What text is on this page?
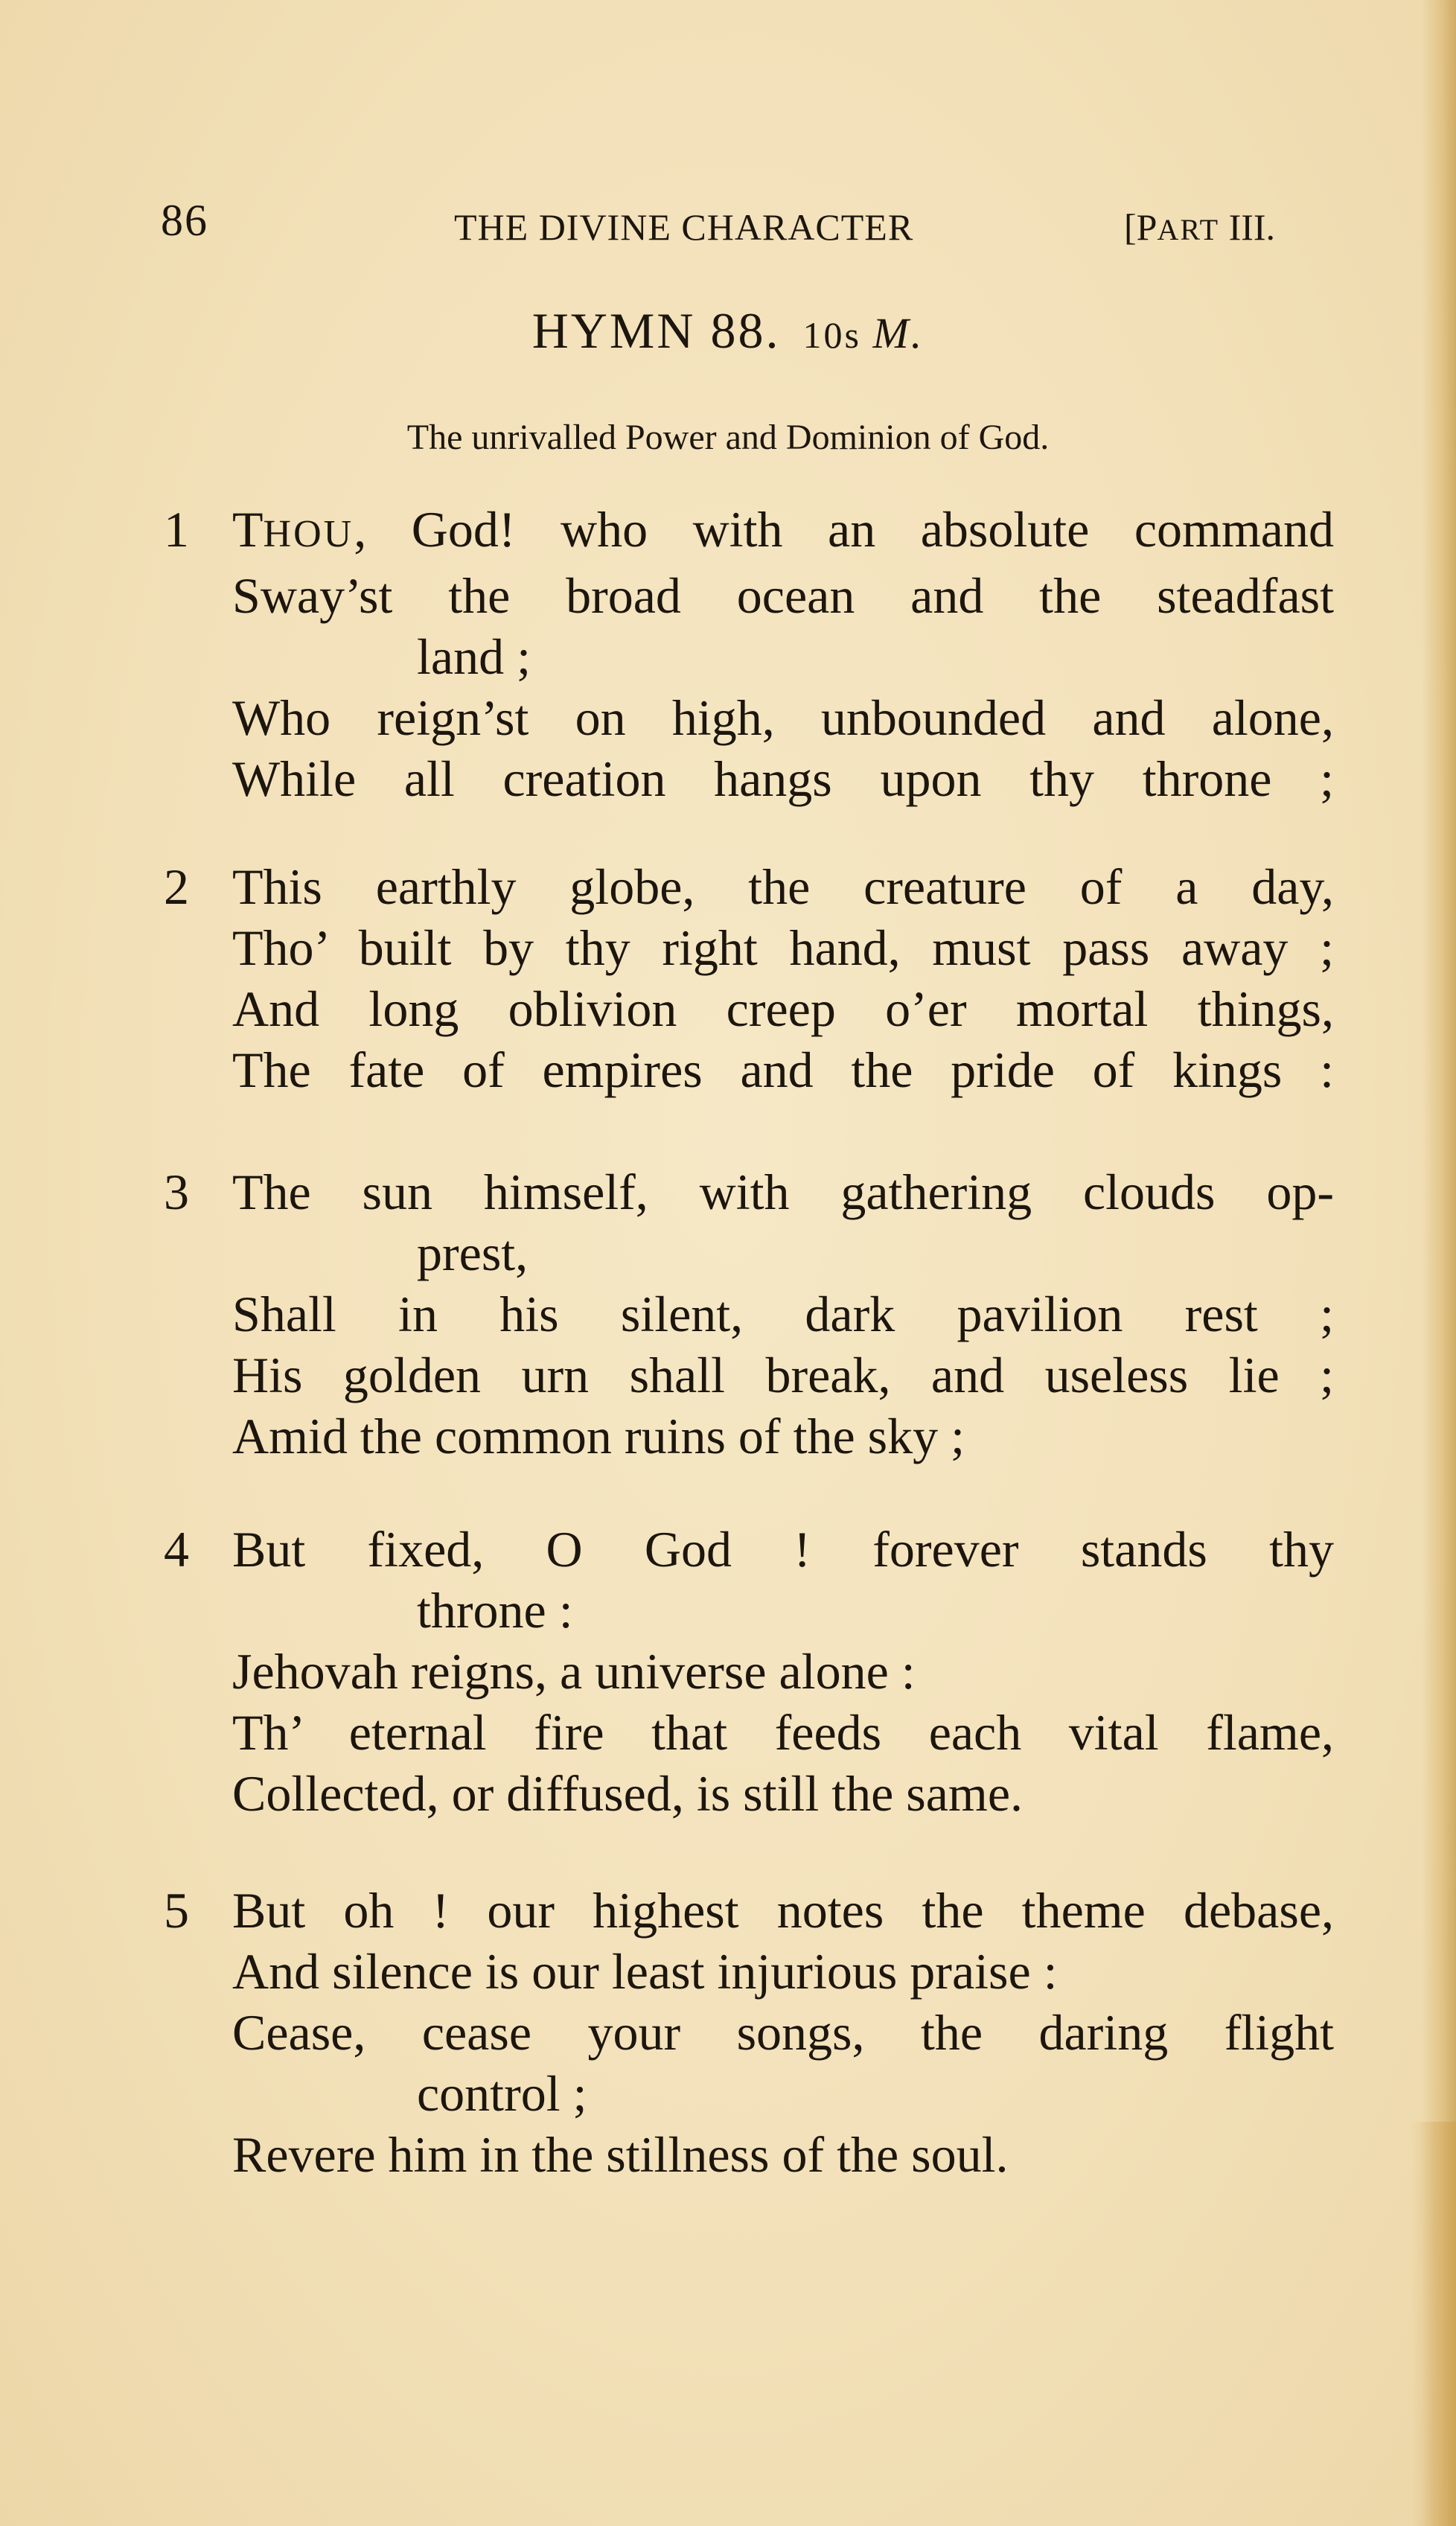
86	THE DIVINE CHARACTER	[PART III.
HYMN 88. 10s M.
The unrivalled Power and Dominion of God.
1 THOU, God! who with an absolute command
Sway’st the broad ocean and the steadfast
land ;
Who reign’st on high, unbounded and alone,
While all creation hangs upon thy throne ;
2 This earthly globe, the creature of a day,
Tho’ built by thy right hand, must pass away ;
And long oblivion creep o’er mortal things,
The fate of empires and the pride of kings :
3 The sun himself, with gathering clouds op-
prest,
Shall in his silent, dark pavilion rest ;
His golden urn shall break, and useless lie ;
Amid the common ruins of the sky ;
4 But fixed, O God ! forever stands thy
throne :
Jehovah reigns, a universe alone :
Th’ eternal fire that feeds each vital flame,
Collected, or diffused, is still the same.
5 But oh ! our highest notes the theme debase,
And silence is our least injurious praise :
Cease, cease your songs, the daring flight
control ;
Revere him in the stillness of the soul.
